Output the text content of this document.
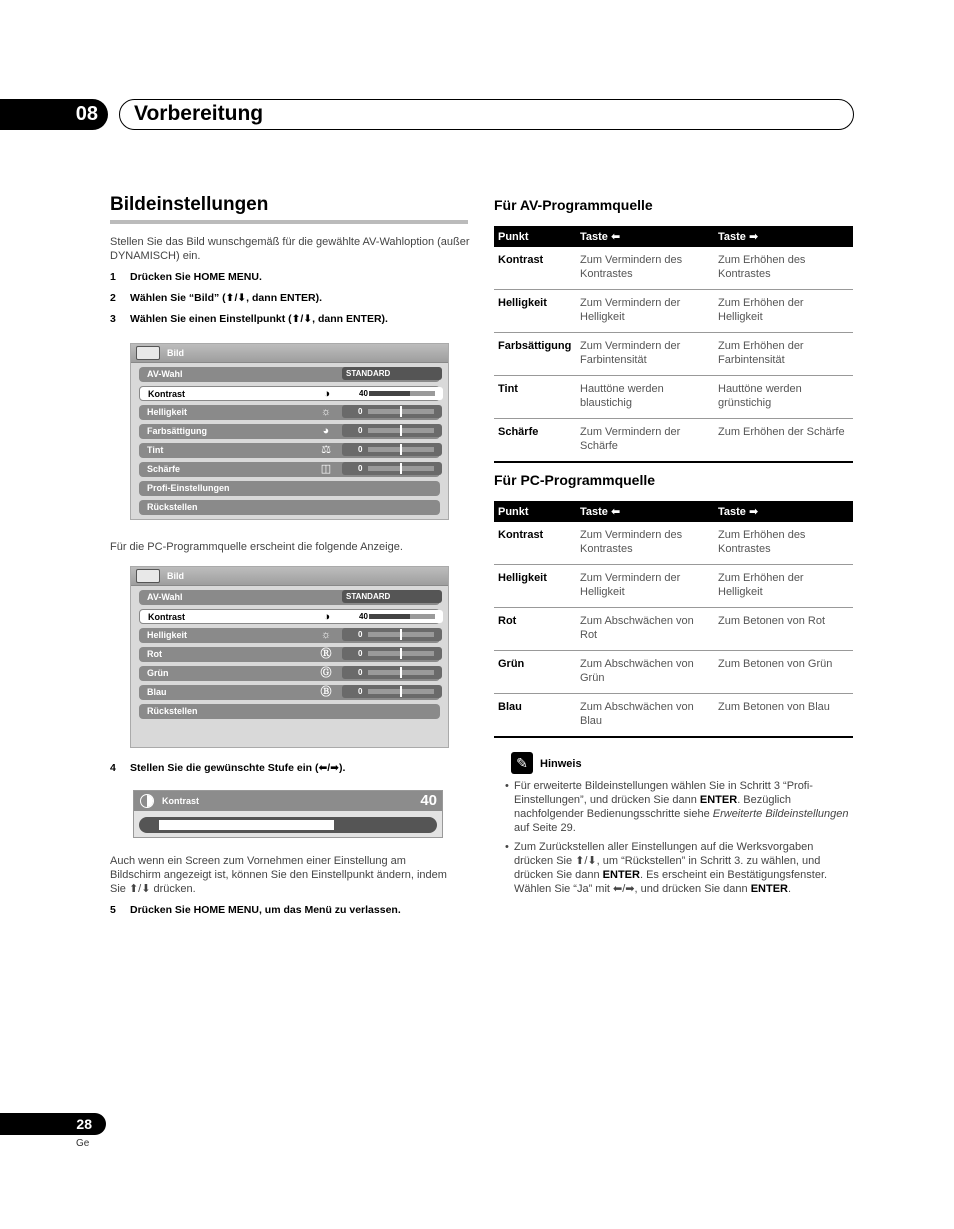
08	Vorbereitung
Bildeinstellungen
Stellen Sie das Bild wunschgemäß für die gewählte AV-Wahloption (außer DYNAMISCH) ein.
1 Drücken Sie HOME MENU.
2 Wählen Sie “Bild” (⬆/⬇, dann ENTER).
3 Wählen Sie einen Einstellpunkt (⬆/⬇, dann ENTER).
Bild
AV-Wahl	STANDARD
Kontrast	◑	40
Helligkeit	☼	0
Farbsättigung	◕	0
Tint	⚖	0
Schärfe	◫	0
Profi-Einstellungen
Rückstellen
Für die PC-Programmquelle erscheint die folgende Anzeige.
Bild
AV-Wahl	STANDARD
Kontrast	◑	40
Helligkeit	☼	0
Rot	Ⓡ	0
Grün	Ⓖ	0
Blau	Ⓑ	0
Rückstellen
4 Stellen Sie die gewünschte Stufe ein (⬅/➡).
Kontrast	40
Auch wenn ein Screen zum Vornehmen einer Einstellung am Bildschirm angezeigt ist, können Sie den Einstellpunkt ändern, indem Sie ⬆/⬇ drücken.
5 Drücken Sie HOME MENU, um das Menü zu verlassen.
Für AV-Programmquelle
Punkt	Taste ⬅	Taste ➡
Kontrast	Zum Vermindern des Kontrastes	Zum Erhöhen des Kontrastes
Helligkeit	Zum Vermindern der Helligkeit	Zum Erhöhen der Helligkeit
Farbsättigung	Zum Vermindern der Farbintensität	Zum Erhöhen der Farbintensität
Tint	Hauttöne werden blaustichig	Hauttöne werden grünstichig
Schärfe	Zum Vermindern der Schärfe	Zum Erhöhen der Schärfe
Für PC-Programmquelle
Punkt	Taste ⬅	Taste ➡
Kontrast	Zum Vermindern des Kontrastes	Zum Erhöhen des Kontrastes
Helligkeit	Zum Vermindern der Helligkeit	Zum Erhöhen der Helligkeit
Rot	Zum Abschwächen von Rot	Zum Betonen von Rot
Grün	Zum Abschwächen von Grün	Zum Betonen von Grün
Blau	Zum Abschwächen von Blau	Zum Betonen von Blau
✎	Hinweis
• Für erweiterte Bildeinstellungen wählen Sie in Schritt 3 “Profi-Einstellungen”, und drücken Sie dann ENTER. Bezüglich nachfolgender Bedienungsschritte siehe Erweiterte Bildeinstellungen auf Seite 29.
• Zum Zurückstellen aller Einstellungen auf die Werksvorgaben drücken Sie ⬆/⬇, um “Rückstellen” in Schritt 3. zu wählen, und drücken Sie dann ENTER. Es erscheint ein Bestätigungsfenster. Wählen Sie “Ja” mit ⬅/➡, und drücken Sie dann ENTER.
28
Ge
